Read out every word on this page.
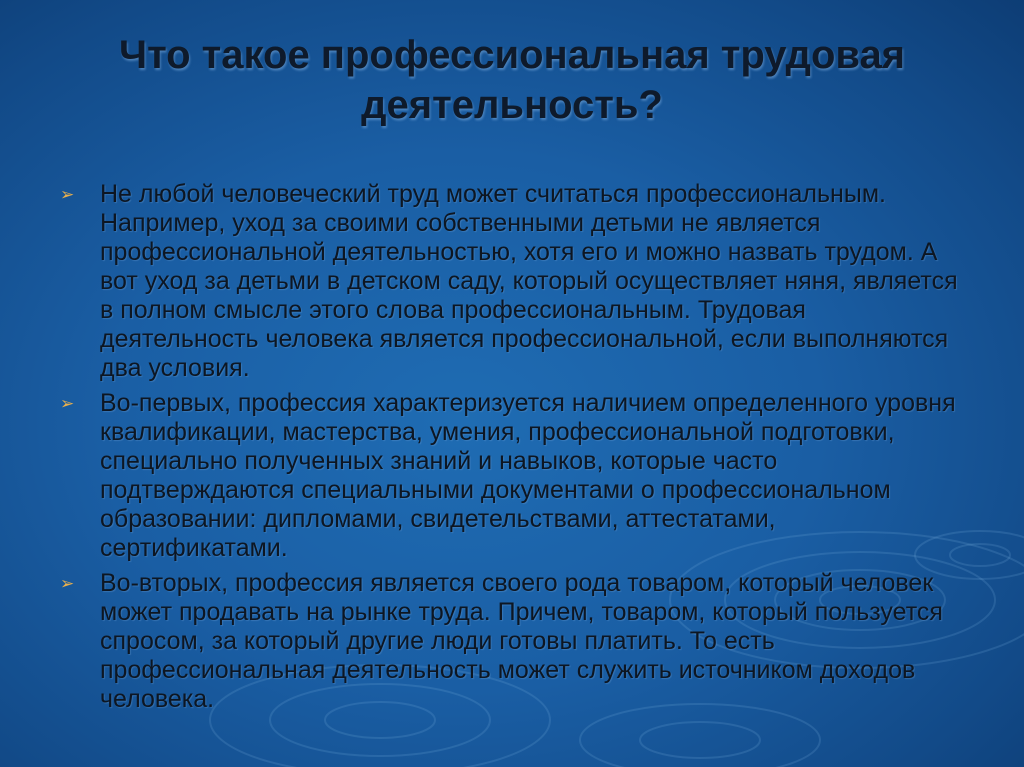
Что такое профессиональная трудовая деятельность?
➢ Не любой человеческий труд может считаться профессиональным. Например, уход за своими собственными детьми не является профессиональной деятельностью, хотя его и можно назвать трудом. А вот уход за детьми в детском саду, который осуществляет няня, является в полном смысле этого слова профессиональным. Трудовая деятельность человека является профессиональной, если выполняются два условия.
➢ Во-первых, профессия характеризуется наличием определенного уровня квалификации, мастерства, умения, профессиональной подготовки, специально полученных знаний и навыков, которые часто подтверждаются специальными документами о профессиональном образовании: дипломами, свидетельствами, аттестатами, сертификатами.
➢ Во-вторых, профессия является своего рода товаром, который человек может продавать на рынке труда. Причем, товаром, который пользуется спросом, за который другие люди готовы платить. То есть профессиональная деятельность может служить источником доходов человека.
